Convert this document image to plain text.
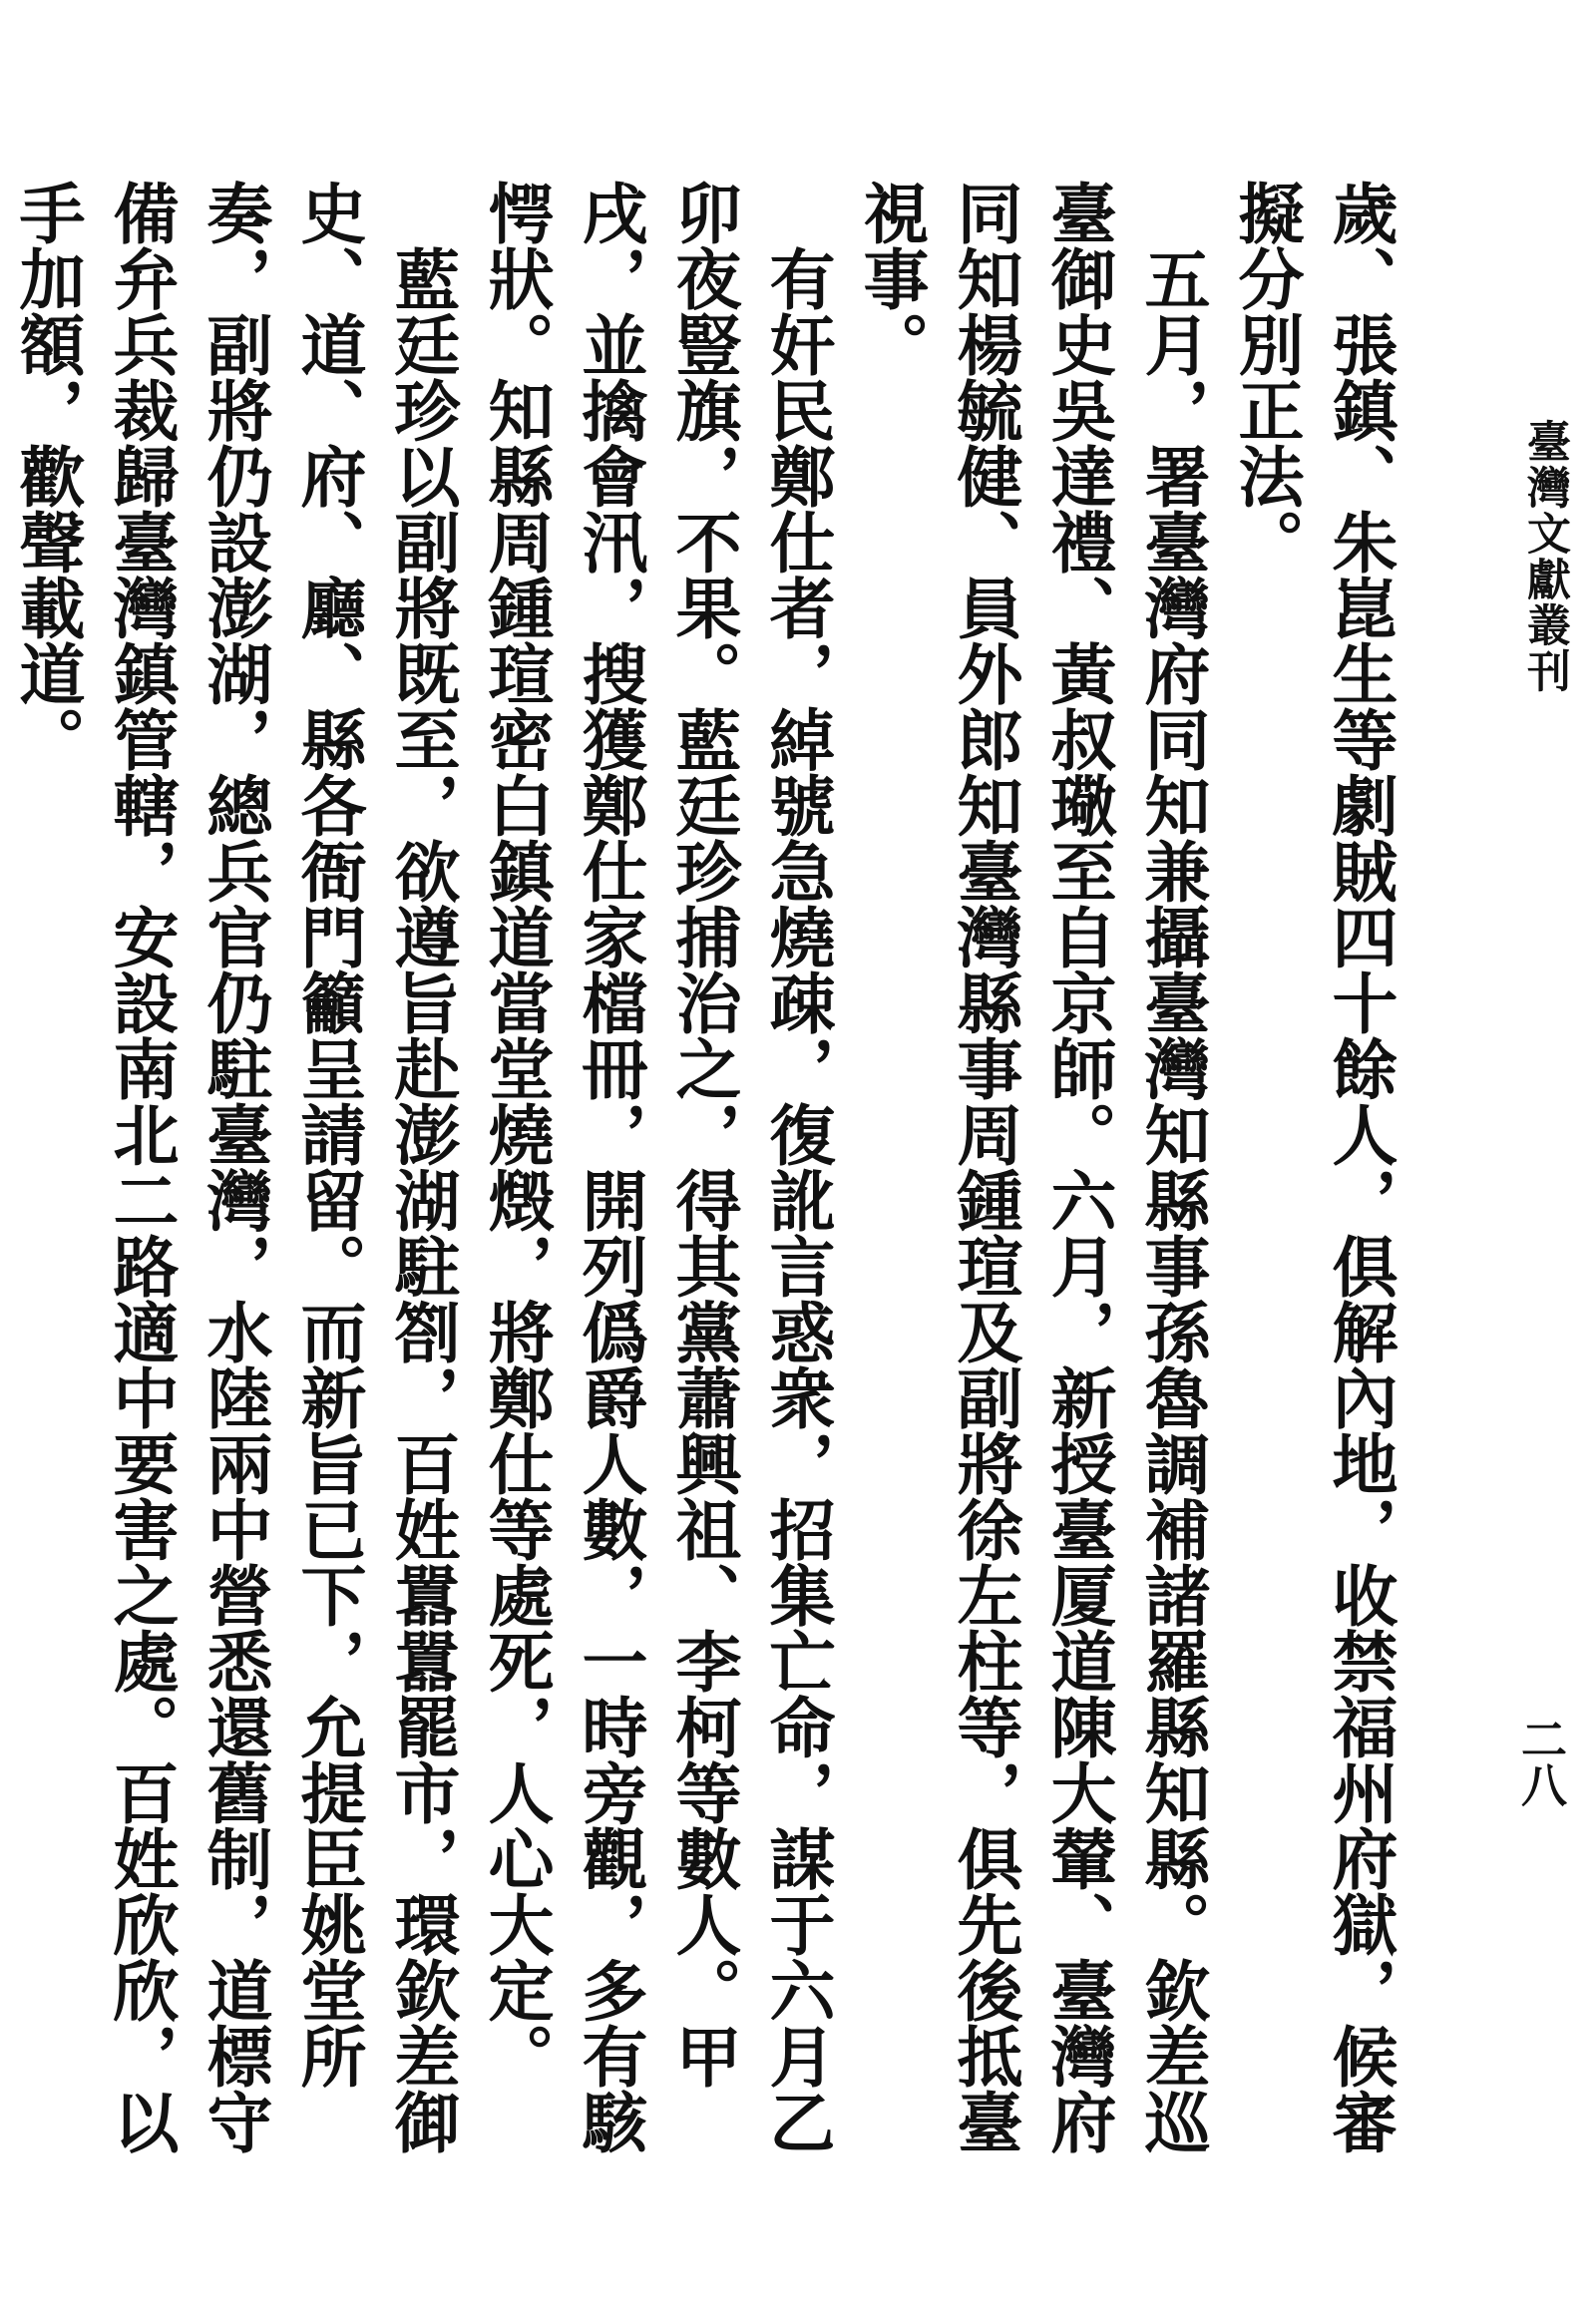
臺灣文獻叢刊
二八

歲、張鎮、朱崑生等劇賊四十餘人，俱解內地，收禁福州府獄，候審擬分別正法。

五月，署臺灣府同知兼攝臺灣知縣事孫魯調補諸羅縣知縣。欽差巡臺御史吳達禮、黃叔璥至自京師。六月，新授臺厦道陳大輦、臺灣府同知楊毓健、員外郎知臺灣縣事周鍾瑄及副將徐左柱等，俱先後抵臺視事。

有奸民鄭仕者，綽號急燒疎，復訛言惑衆，招集亡命，謀于六月乙卯夜豎旗，不果。藍廷珍捕治之，得其黨蕭興祖、李柯等數人。甲戌，並擒會汛，搜獲鄭仕家檔冊，開列僞爵人數，一時旁觀，多有駭愕狀。知縣周鍾瑄密白鎮道當堂燒燬，將鄭仕等處死，人心大定。

藍廷珍以副將既至，欲遵旨赴澎湖駐劄，百姓囂囂罷市，環欽差御史、道、府、廳、縣各衙門籲呈請留。而新旨已下，允提臣姚堂所奏，副將仍設澎湖，總兵官仍駐臺灣，水陸兩中營悉還舊制，道標守備弁兵裁歸臺灣鎮管轄，安設南北二路適中要害之處。百姓欣欣，以手加額，歡聲載道。
